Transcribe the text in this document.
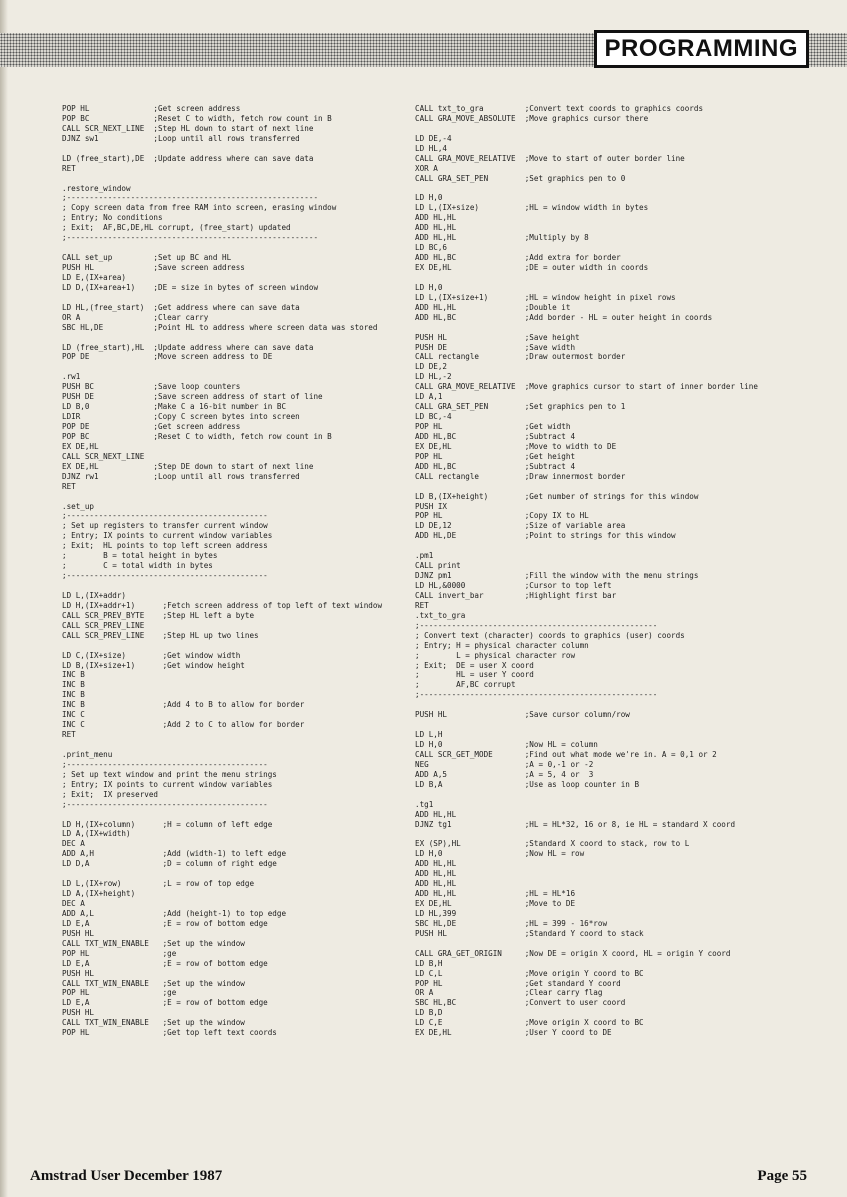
PROGRAMMING
POP HL              ;Get screen address
POP BC              ;Reset C to width, fetch row count in B
CALL SCR_NEXT_LINE  ;Step HL down to start of next line
DJNZ sw1            ;Loop until all rows transferred
LD (free_start),DE  ;Update address where can save data
RET
.restore_window
;-------------------------------------------------------
; Copy screen data from free RAM into screen, erasing window
; Entry; No conditions
; Exit;  AF,BC,DE,HL corrupt, (free_start) updated
;-------------------------------------------------------
CALL set_up         ;Set up BC and HL
PUSH HL             ;Save screen address
LD E,(IX+area)
LD D,(IX+area+1)    ;DE = size in bytes of screen window
LD HL,(free_start)  ;Get address where can save data
OR A                ;Clear carry
SBC HL,DE           ;Point HL to address where screen data was stored
LD (free_start),HL  ;Update address where can save data
POP DE              ;Move screen address to DE
.rw1
PUSH BC             ;Save loop counters
PUSH DE             ;Save screen address of start of line
LD B,0              ;Make C a 16-bit number in BC
LDIR                ;Copy C screen bytes into screen
POP DE              ;Get screen address
POP BC              ;Reset C to width, fetch row count in B
EX DE,HL
CALL SCR_NEXT_LINE
EX DE,HL            ;Step DE down to start of next line
DJNZ rw1            ;Loop until all rows transferred
RET
.set_up
;--------------------------------------------
; Set up registers to transfer current window
; Entry; IX points to current window variables
; Exit;  HL points to top left screen address
;        B = total height in bytes
;        C = total width in bytes
;--------------------------------------------
LD L,(IX+addr)
LD H,(IX+addr+1)      ;Fetch screen address of top left of text window
CALL SCR_PREV_BYTE    ;Step HL left a byte
CALL SCR_PREV_LINE
CALL SCR_PREV_LINE    ;Step HL up two lines
LD C,(IX+size)        ;Get window width
LD B,(IX+size+1)      ;Get window height
INC B
INC B
INC B
INC B                 ;Add 4 to B to allow for border
INC C
INC C                 ;Add 2 to C to allow for border
RET
.print_menu
;--------------------------------------------
; Set up text window and print the menu strings
; Entry; IX points to current window variables
; Exit;  IX preserved
;--------------------------------------------
LD H,(IX+column)      ;H = column of left edge
LD A,(IX+width)
DEC A
ADD A,H               ;Add (width-1) to left edge
LD D,A                ;D = column of right edge
LD L,(IX+row)         ;L = row of top edge
LD A,(IX+height)
DEC A
ADD A,L               ;Add (height-1) to top edge
LD E,A                ;E = row of bottom edge
PUSH HL
CALL TXT_WIN_ENABLE   ;Set up the window
POP HL                ;ge
LD E,A                ;E = row of bottom edge
PUSH HL
CALL TXT_WIN_ENABLE   ;Set up the window
POP HL                ;ge
LD E,A                ;E = row of bottom edge
PUSH HL
CALL TXT_WIN_ENABLE   ;Set up the window
POP HL                ;Get top left text coords
CALL txt_to_gra         ;Convert text coords to graphics coords
CALL GRA_MOVE_ABSOLUTE  ;Move graphics cursor there
LD DE,-4
LD HL,4
CALL GRA_MOVE_RELATIVE  ;Move to start of outer border line
XOR A
CALL GRA_SET_PEN        ;Set graphics pen to 0
LD H,0
LD L,(IX+size)          ;HL = window width in bytes
ADD HL,HL
ADD HL,HL
ADD HL,HL               ;Multiply by 8
LD BC,6
ADD HL,BC               ;Add extra for border
EX DE,HL                ;DE = outer width in coords
LD H,0
LD L,(IX+size+1)        ;HL = window height in pixel rows
ADD HL,HL               ;Double it
ADD HL,BC               ;Add border - HL = outer height in coords
PUSH HL                 ;Save height
PUSH DE                 ;Save width
CALL rectangle          ;Draw outermost border
LD DE,2
LD HL,-2
CALL GRA_MOVE_RELATIVE  ;Move graphics cursor to start of inner border line
LD A,1
CALL GRA_SET_PEN        ;Set graphics pen to 1
LD BC,-4
POP HL                  ;Get width
ADD HL,BC               ;Subtract 4
EX DE,HL                ;Move to width to DE
POP HL                  ;Get height
ADD HL,BC               ;Subtract 4
CALL rectangle          ;Draw innermost border
LD B,(IX+height)        ;Get number of strings for this window
PUSH IX
POP HL                  ;Copy IX to HL
LD DE,12                ;Size of variable area
ADD HL,DE               ;Point to strings for this window
.pm1
CALL print
DJNZ pm1                ;Fill the window with the menu strings
LD HL,&0000             ;Cursor to top left
CALL invert_bar         ;Highlight first bar
RET
.txt_to_gra
;----------------------------------------------------
; Convert text (character) coords to graphics (user) coords
; Entry; H = physical character column
;        L = physical character row
; Exit;  DE = user X coord
;        HL = user Y coord
;        AF,BC corrupt
;----------------------------------------------------
PUSH HL                 ;Save cursor column/row
LD L,H
LD H,0                  ;Now HL = column
CALL SCR_GET_MODE       ;Find out what mode we're in. A = 0,1 or 2
NEG                     ;A = 0,-1 or -2
ADD A,5                 ;A = 5, 4 or  3
LD B,A                  ;Use as loop counter in B
.tg1
ADD HL,HL
DJNZ tg1                ;HL = HL*32, 16 or 8, ie HL = standard X coord
EX (SP),HL              ;Standard X coord to stack, row to L
LD H,0                  ;Now HL = row
ADD HL,HL
ADD HL,HL
ADD HL,HL
ADD HL,HL               ;HL = HL*16
EX DE,HL                ;Move to DE
LD HL,399
SBC HL,DE               ;HL = 399 - 16*row
PUSH HL                 ;Standard Y coord to stack
CALL GRA_GET_ORIGIN     ;Now DE = origin X coord, HL = origin Y coord
LD B,H
LD C,L                  ;Move origin Y coord to BC
POP HL                  ;Get standard Y coord
OR A                    ;Clear carry flag
SBC HL,BC               ;Convert to user coord
LD B,D
LD C,E                  ;Move origin X coord to BC
EX DE,HL                ;User Y coord to DE
Amstrad User December 1987	Page 55
